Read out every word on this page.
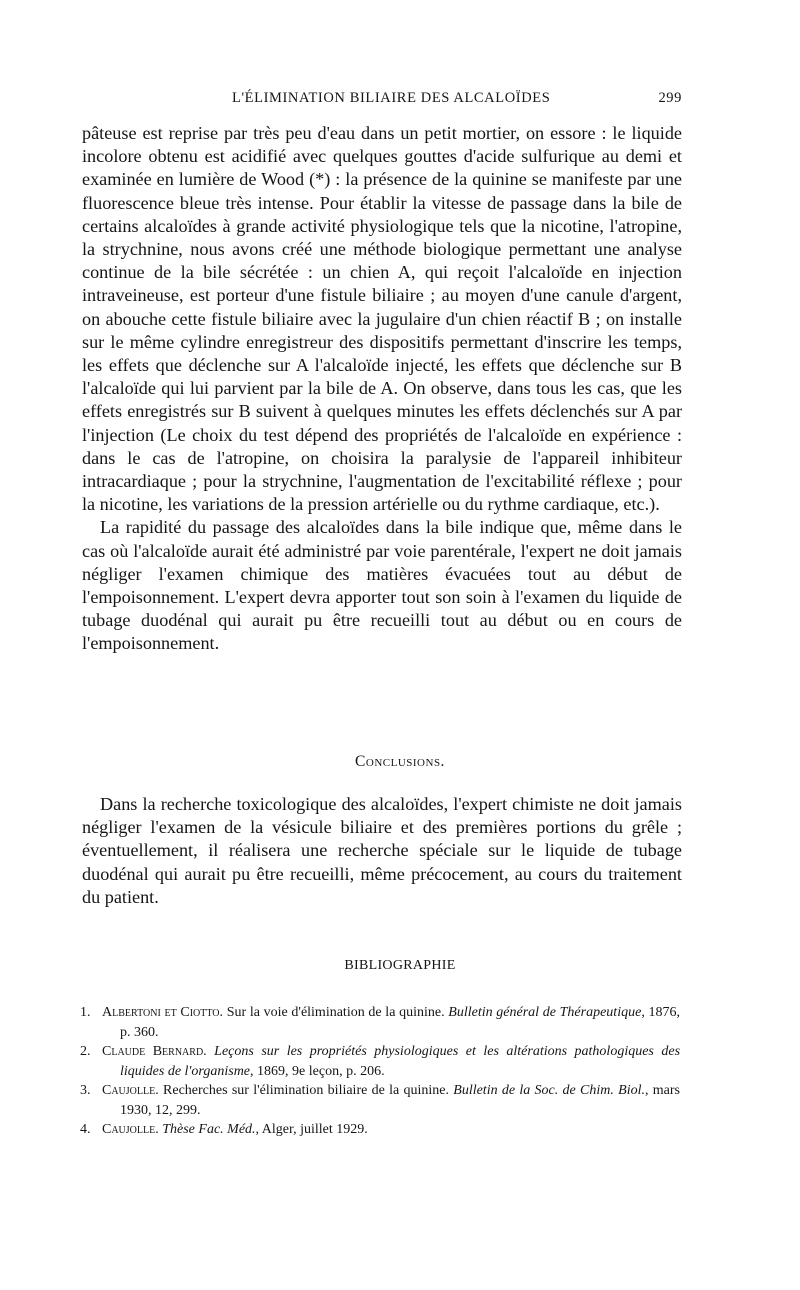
L'ÉLIMINATION BILIAIRE DES ALCALOÏDES	299

pâteuse est reprise par très peu d'eau dans un petit mortier, on essore : le liquide incolore obtenu est acidifié avec quelques gouttes d'acide sulfurique au demi et examinée en lumière de Wood (*) : la présence de la quinine se manifeste par une fluorescence bleue très intense. Pour établir la vitesse de passage dans la bile de certains alcaloïdes à grande activité physiologique tels que la nicotine, l'atropine, la strychnine, nous avons créé une méthode biologique permettant une analyse continue de la bile sécrétée : un chien A, qui reçoit l'alcaloïde en injection intraveineuse, est porteur d'une fistule biliaire ; au moyen d'une canule d'argent, on abouche cette fistule biliaire avec la jugulaire d'un chien réactif B ; on installe sur le même cylindre enregistreur des dispositifs permettant d'inscrire les temps, les effets que déclenche sur A l'alcaloïde injecté, les effets que déclenche sur B l'alcaloïde qui lui parvient par la bile de A. On observe, dans tous les cas, que les effets enregistrés sur B suivent à quelques minutes les effets déclenchés sur A par l'injection (Le choix du test dépend des propriétés de l'alcaloïde en expérience : dans le cas de l'atropine, on choisira la paralysie de l'appareil inhibiteur intracardiaque ; pour la strychnine, l'augmentation de l'excitabilité réflexe ; pour la nicotine, les variations de la pression artérielle ou du rythme cardiaque, etc.).

La rapidité du passage des alcaloïdes dans la bile indique que, même dans le cas où l'alcaloïde aurait été administré par voie parentérale, l'expert ne doit jamais négliger l'examen chimique des matières évacuées tout au début de l'empoisonnement. L'expert devra apporter tout son soin à l'examen du liquide de tubage duodénal qui aurait pu être recueilli tout au début ou en cours de l'empoisonnement.

Conclusions.

Dans la recherche toxicologique des alcaloïdes, l'expert chimiste ne doit jamais négliger l'examen de la vésicule biliaire et des premières portions du grêle ; éventuellement, il réalisera une recherche spéciale sur le liquide de tubage duodénal qui aurait pu être recueilli, même précocement, au cours du traitement du patient.

BIBLIOGRAPHIE
1. Albertoni et Ciotto. Sur la voie d'élimination de la quinine. Bulletin général de Thérapeutique, 1876, p. 360.
2. Claude Bernard. Leçons sur les propriétés physiologiques et les altérations pathologiques des liquides de l'organisme, 1869, 9e leçon, p. 206.
3. Caujolle. Recherches sur l'élimination biliaire de la quinine. Bulletin de la Soc. de Chim. Biol., mars 1930, 12, 299.
4. Caujolle. Thèse Fac. Méd., Alger, juillet 1929.
